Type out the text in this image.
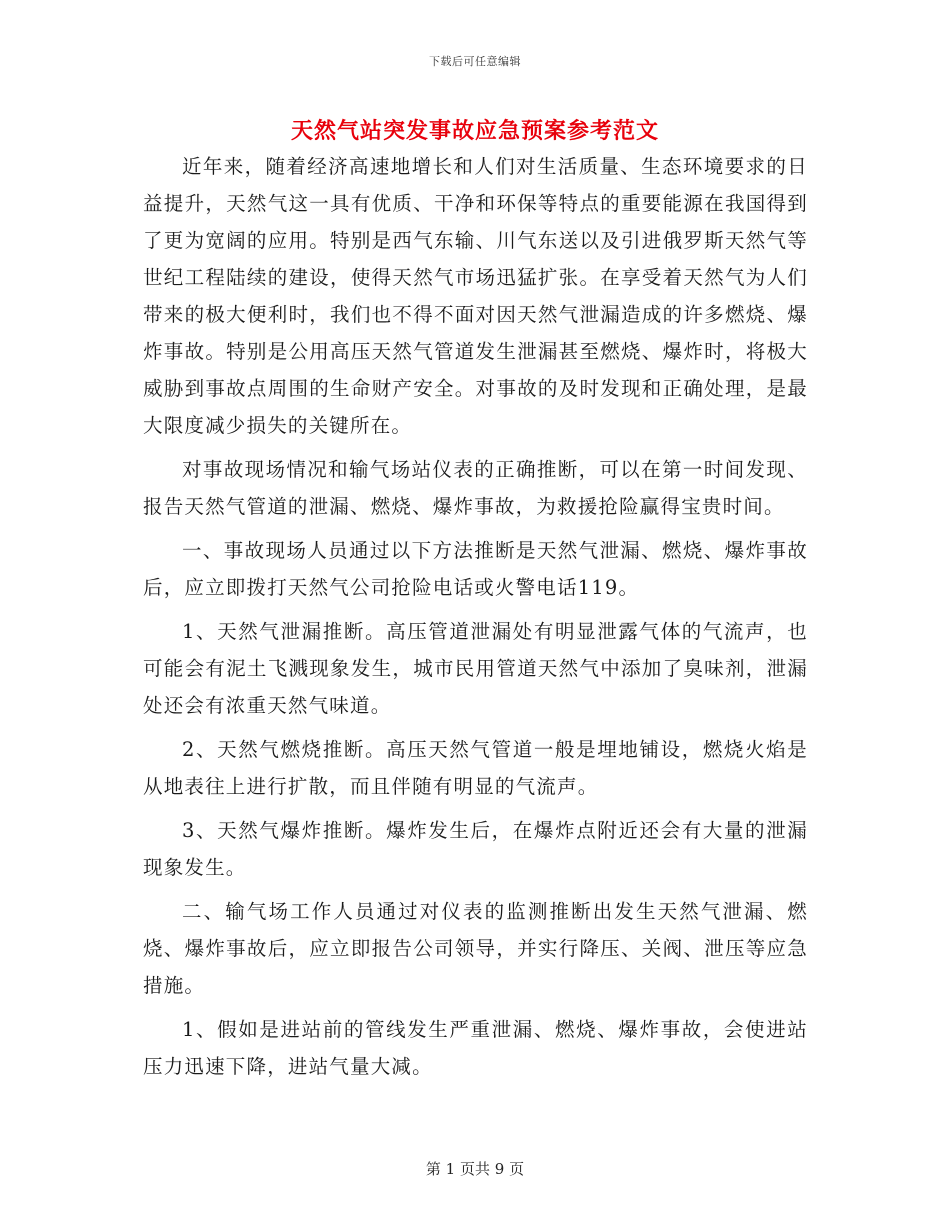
下载后可任意编辑
天然气站突发事故应急预案参考范文

近年来，随着经济高速地增长和人们对生活质量、生态环境要求的日益提升，天然气这一具有优质、干净和环保等特点的重要能源在我国得到了更为宽阔的应用。特别是西气东输、川气东送以及引进俄罗斯天然气等世纪工程陆续的建设，使得天然气市场迅猛扩张。在享受着天然气为人们带来的极大便利时，我们也不得不面对因天然气泄漏造成的许多燃烧、爆炸事故。特别是公用高压天然气管道发生泄漏甚至燃烧、爆炸时，将极大威胁到事故点周围的生命财产安全。对事故的及时发现和正确处理，是最大限度减少损失的关键所在。

对事故现场情况和输气场站仪表的正确推断，可以在第一时间发现、报告天然气管道的泄漏、燃烧、爆炸事故，为救援抢险赢得宝贵时间。

一、事故现场人员通过以下方法推断是天然气泄漏、燃烧、爆炸事故后，应立即拨打天然气公司抢险电话或火警电话119。

1、天然气泄漏推断。高压管道泄漏处有明显泄露气体的气流声，也可能会有泥土飞溅现象发生，城市民用管道天然气中添加了臭味剂，泄漏处还会有浓重天然气味道。

2、天然气燃烧推断。高压天然气管道一般是埋地铺设，燃烧火焰是从地表往上进行扩散，而且伴随有明显的气流声。

3、天然气爆炸推断。爆炸发生后，在爆炸点附近还会有大量的泄漏现象发生。

二、输气场工作人员通过对仪表的监测推断出发生天然气泄漏、燃烧、爆炸事故后，应立即报告公司领导，并实行降压、关阀、泄压等应急措施。

1、假如是进站前的管线发生严重泄漏、燃烧、爆炸事故，会使进站压力迅速下降，进站气量大减。

第 1 页共 9 页
